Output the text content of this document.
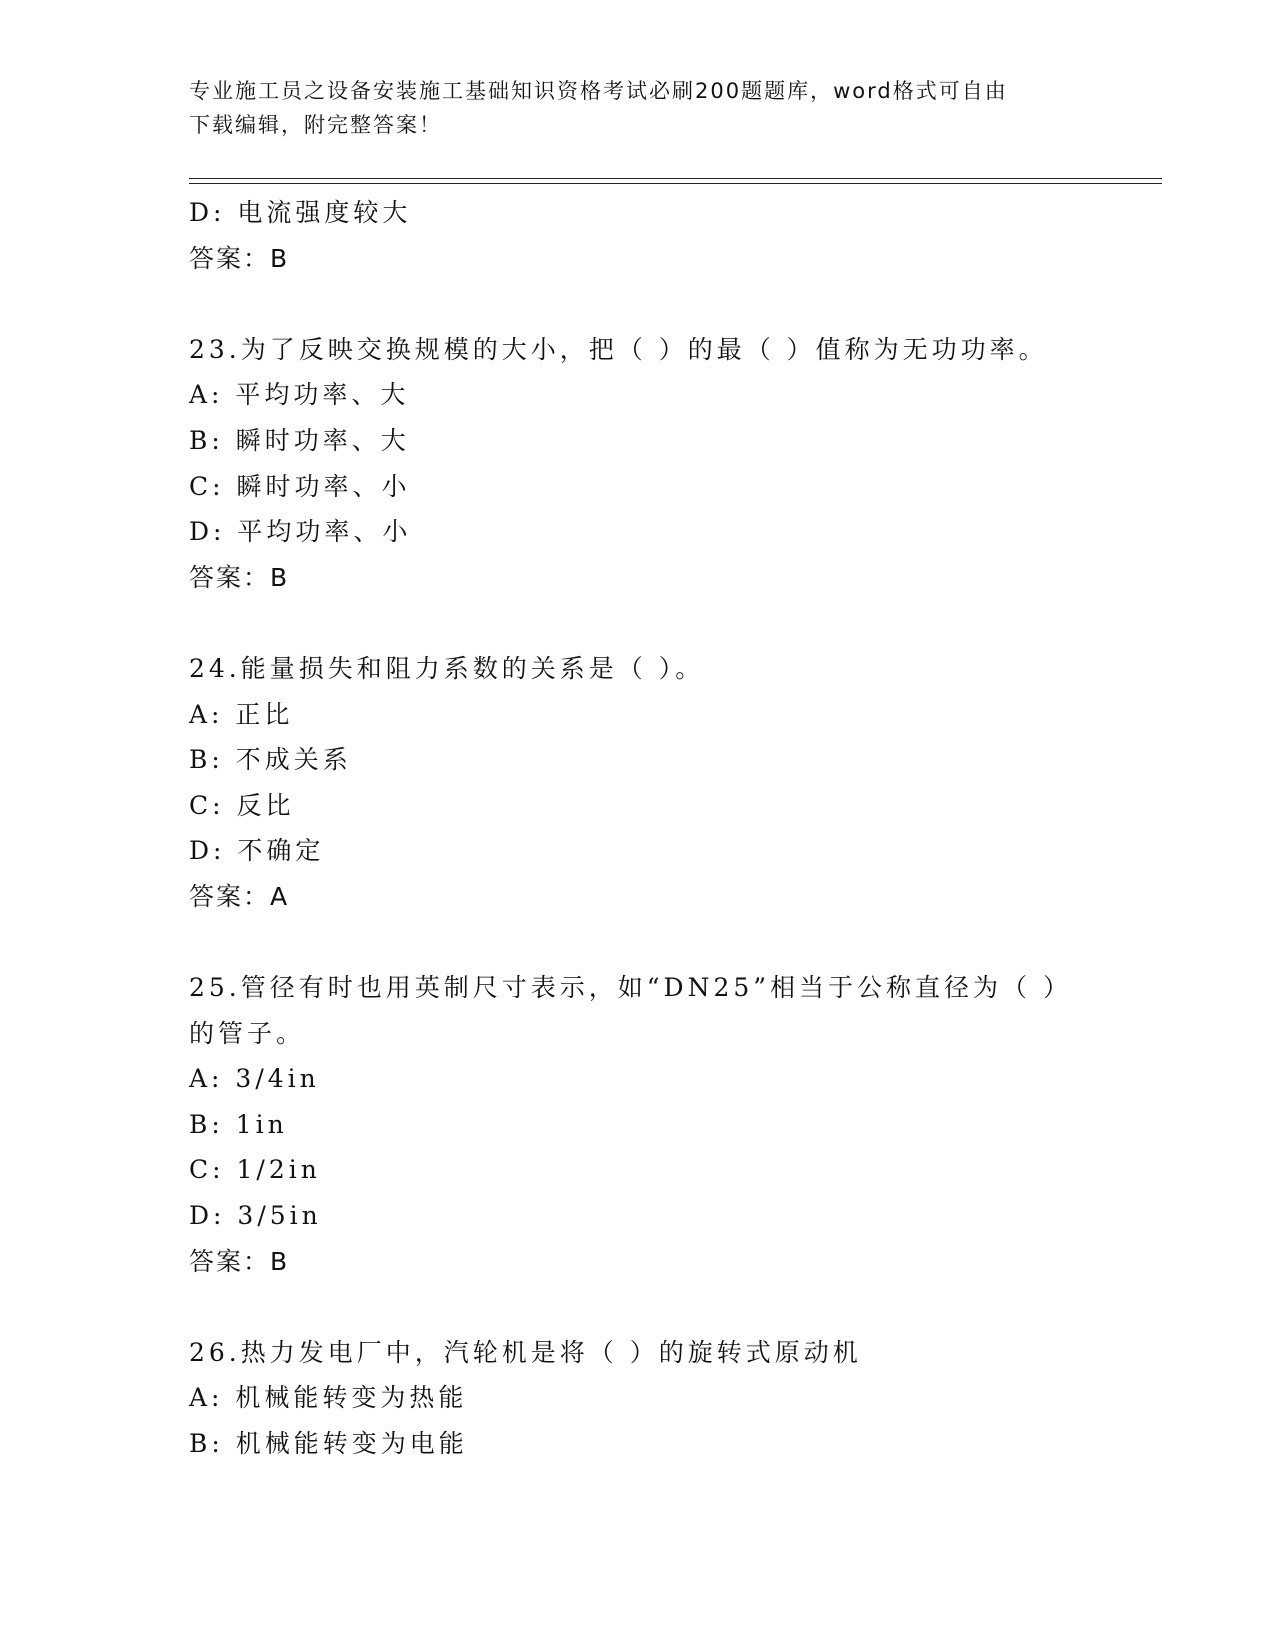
专业施工员之设备安装施工基础知识资格考试必刷200题题库，word格式可自由
下载编辑，附完整答案！
D: 电流强度较大
答案：B
23.为了反映交换规模的大小，把（ ）的最（ ）值称为无功功率。
A: 平均功率、大
B: 瞬时功率、大
C: 瞬时功率、小
D: 平均功率、小
答案：B
24.能量损失和阻力系数的关系是（ ）。
A: 正比
B: 不成关系
C: 反比
D: 不确定
答案：A
25.管径有时也用英制尺寸表示，如“DN25”相当于公称直径为（ ）
的管子。
A: 3/4in
B: 1in
C: 1/2in
D: 3/5in
答案：B
26.热力发电厂中，汽轮机是将（ ）的旋转式原动机
A: 机械能转变为热能
B: 机械能转变为电能
